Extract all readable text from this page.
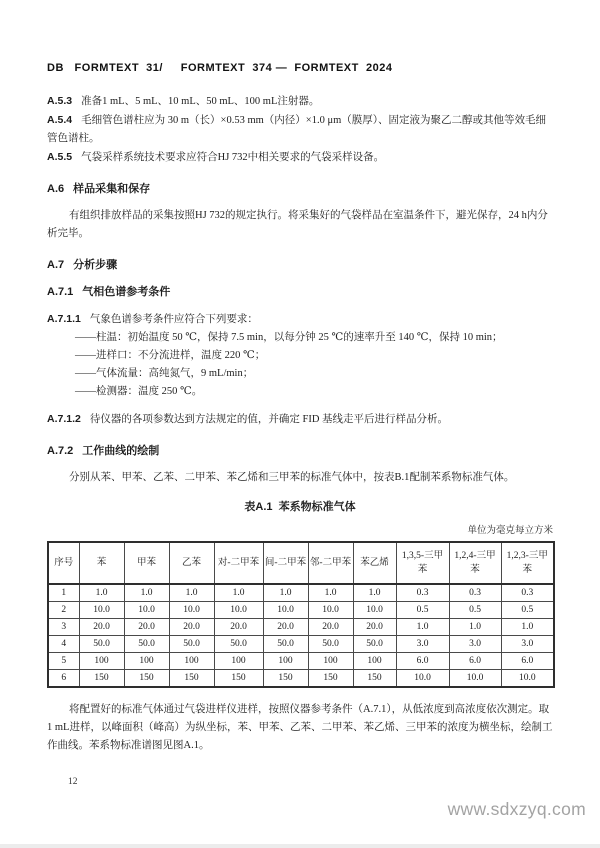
DB   FORMTEXT  31/     FORMTEXT  374 —  FORMTEXT  2024

A.5.3 准备1 mL、5 mL、10 mL、50 mL、100 mL注射器。

A.5.4 毛细管色谱柱应为 30 m（长）×0.53 mm（内径）×1.0 μm（膜厚）、固定液为聚乙二醇或其他等效毛细管色谱柱。

A.5.5 气袋采样系统技术要求应符合HJ 732中相关要求的气袋采样设备。

A.6 样品采集和保存

有组织排放样品的采集按照HJ 732的规定执行。将采集好的气袋样品在室温条件下，避光保存，24 h内分析完毕。

A.7 分析步骤

A.7.1 气相色谱参考条件

A.7.1.1 气象色谱参考条件应符合下列要求：

——柱温：初始温度 50 ℃，保持 7.5 min，以每分钟 25 ℃的速率升至 140 ℃，保持 10 min；
——进样口：不分流进样，温度 220 ℃；
——气体流量：高纯氮气，9 mL/min；
——检测器：温度 250 ℃。

A.7.1.2 待仪器的各项参数达到方法规定的值，并确定 FID 基线走平后进行样品分析。

A.7.2 工作曲线的绘制

分别从苯、甲苯、乙苯、二甲苯、苯乙烯和三甲苯的标准气体中，按表B.1配制苯系物标准气体。

表A.1  苯系物标准气体
单位为毫克每立方米
序号	苯	甲苯	乙苯	对-二甲苯	间-二甲苯	邻-二甲苯	苯乙烯	1,3,5-三甲苯	1,2,4-三甲苯	1,2,3-三甲苯
1	1.0	1.0	1.0	1.0	1.0	1.0	1.0	0.3	0.3	0.3
2	10.0	10.0	10.0	10.0	10.0	10.0	10.0	0.5	0.5	0.5
3	20.0	20.0	20.0	20.0	20.0	20.0	20.0	1.0	1.0	1.0
4	50.0	50.0	50.0	50.0	50.0	50.0	50.0	3.0	3.0	3.0
5	100	100	100	100	100	100	100	6.0	6.0	6.0
6	150	150	150	150	150	150	150	10.0	10.0	10.0

将配置好的标准气体通过气袋进样仪进样，按照仪器参考条件（A.7.1），从低浓度到高浓度依次测定。取1 mL进样，以峰面积（峰高）为纵坐标，苯、甲苯、乙苯、二甲苯、苯乙烯、三甲苯的浓度为横坐标，绘制工作曲线。苯系物标准谱图见图A.1。

12
www.sdxzyq.com
